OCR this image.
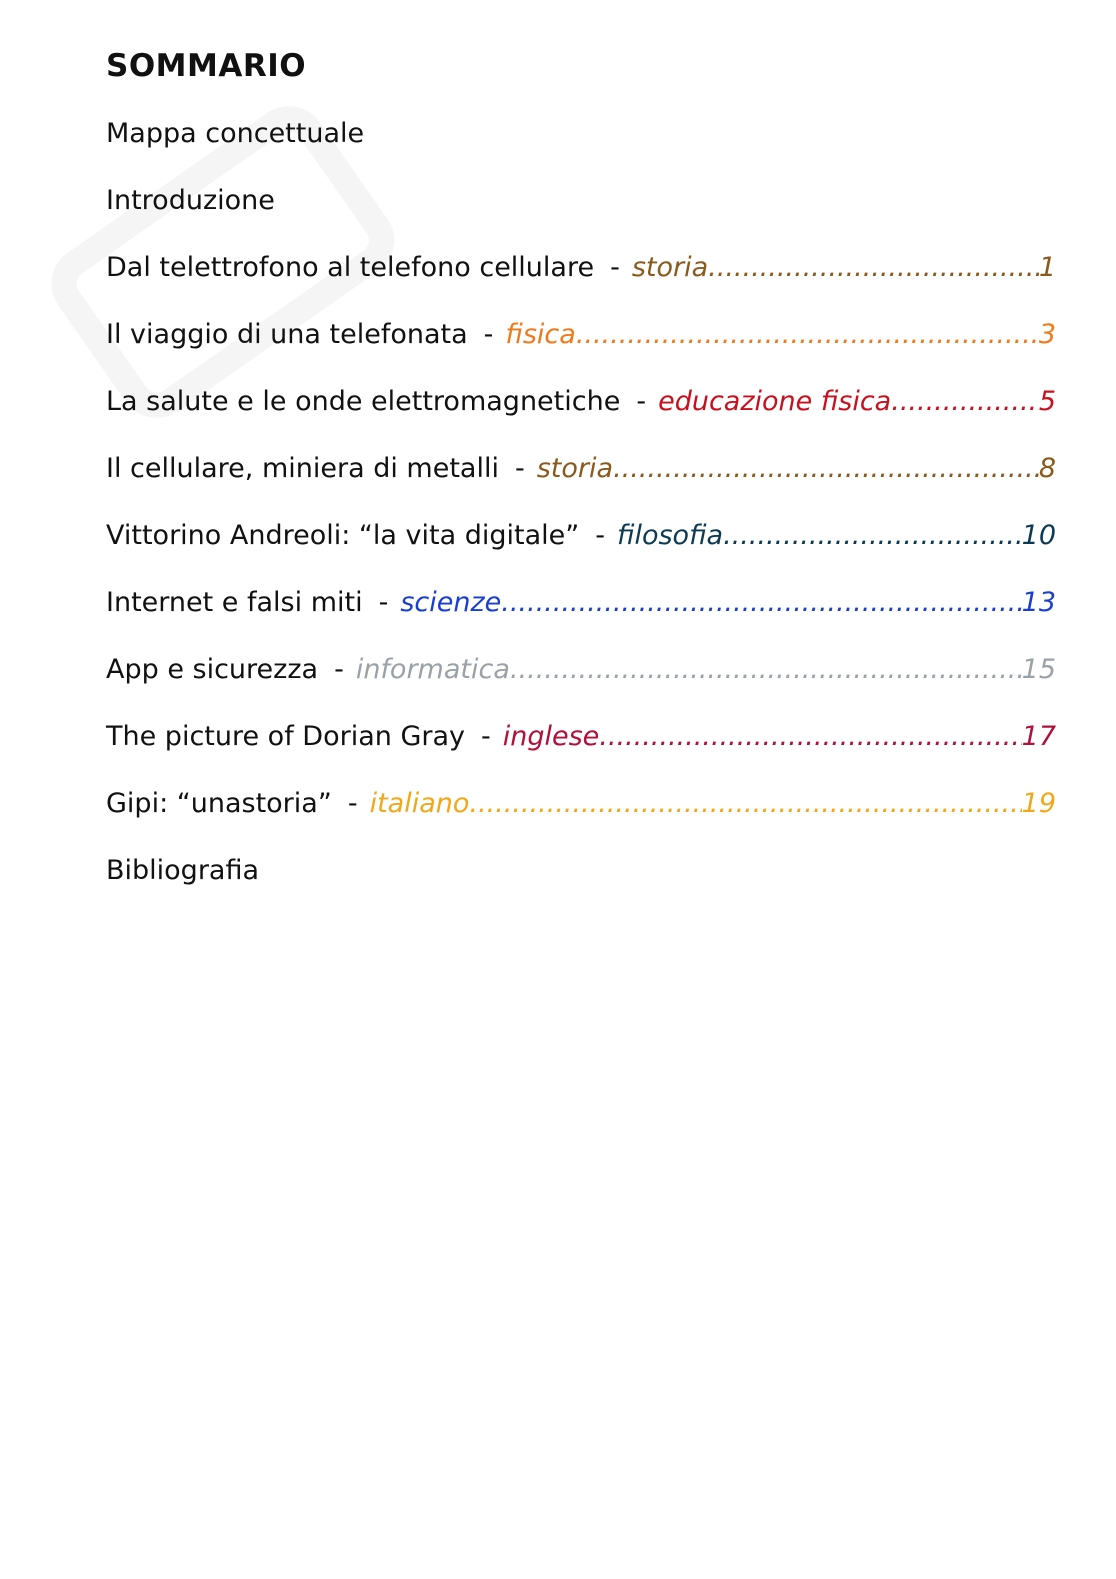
SOMMARIO
Mappa concettuale
Introduzione
Dal telettrofono al telefono cellulare - storia .....	1
Il viaggio di una telefonata - fisica .....	3
La salute e le onde elettromagnetiche - educazione fisica .....	5
Il cellulare, miniera di metalli - storia .....	8
Vittorino Andreoli: “la vita digitale” - filosofia .....	10
Internet e falsi miti - scienze .....	13
App e sicurezza - informatica .....	15
The picture of Dorian Gray - inglese .....	17
Gipi: “unastoria” - italiano .....	19
Bibliografia
